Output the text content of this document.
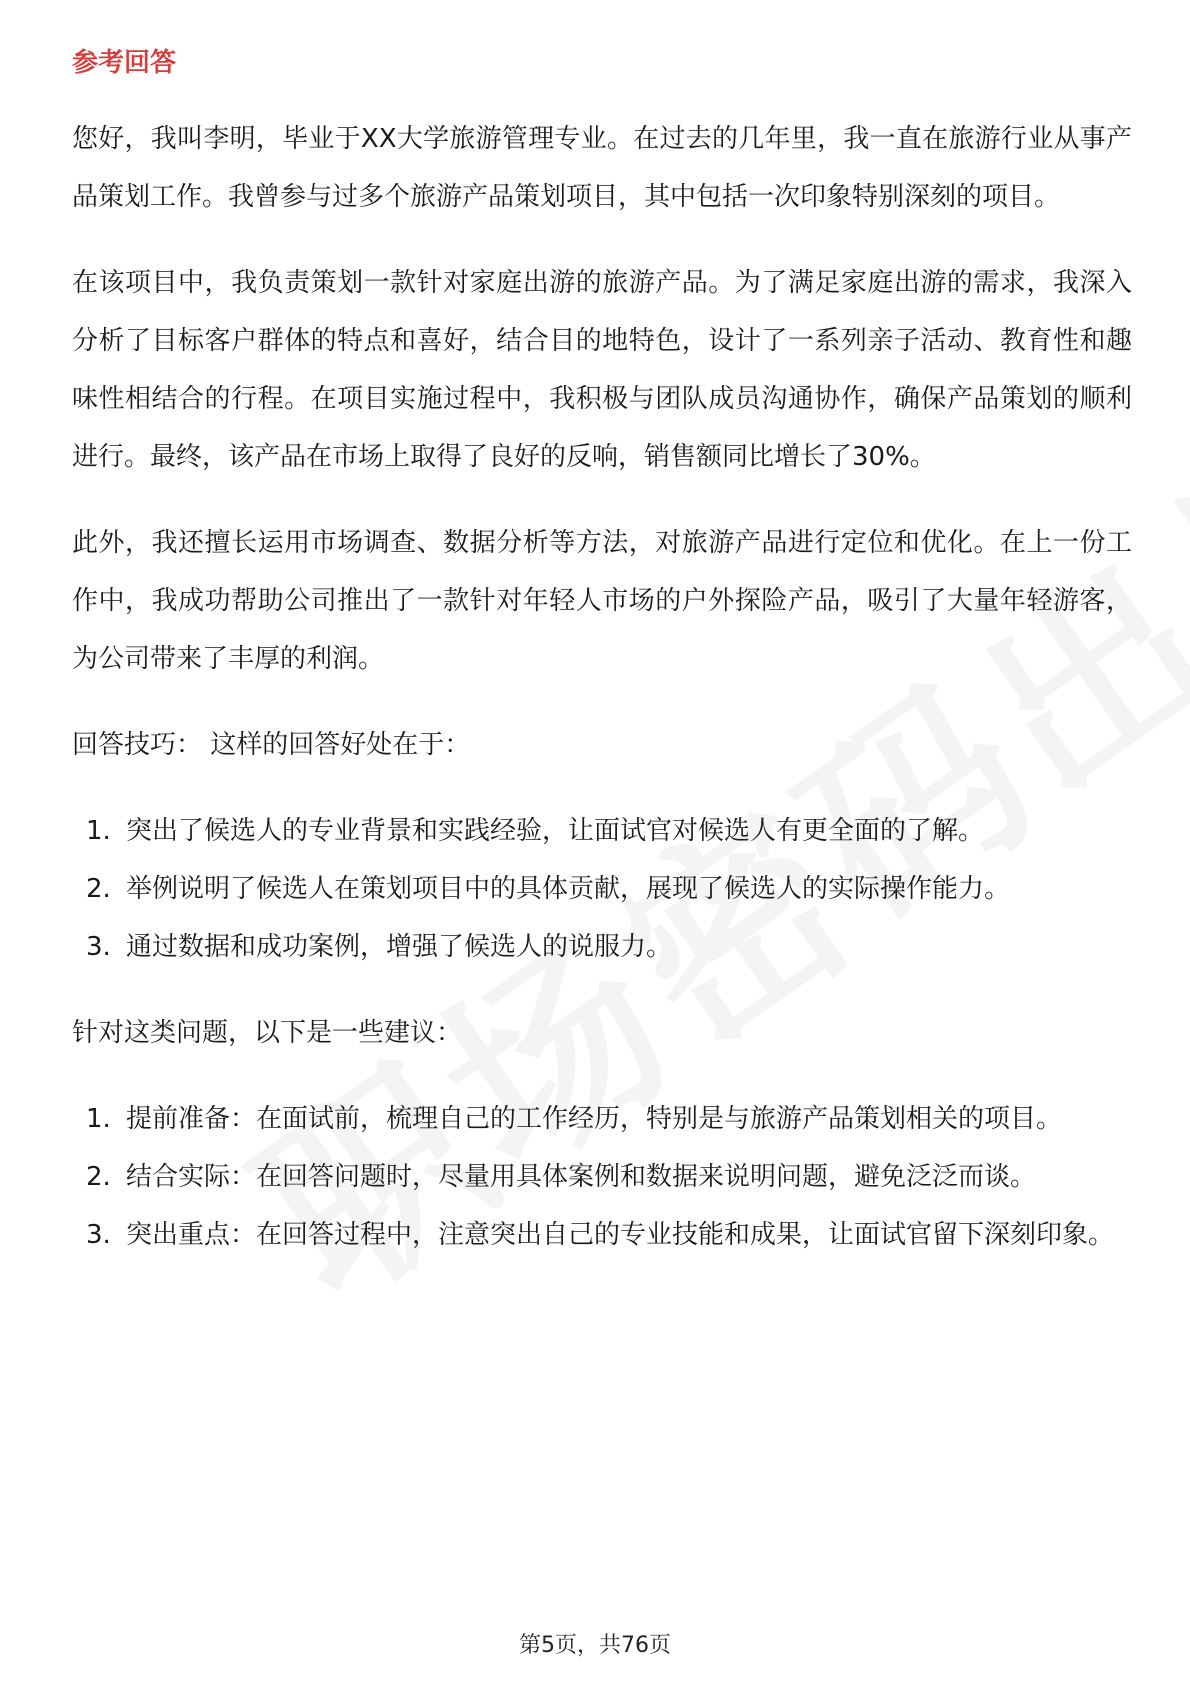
参考回答

您好，我叫李明，毕业于XX大学旅游管理专业。在过去的几年里，我一直在旅游行业从事产品策划工作。我曾参与过多个旅游产品策划项目，其中包括一次印象特别深刻的项目。

在该项目中，我负责策划一款针对家庭出游的旅游产品。为了满足家庭出游的需求，我深入分析了目标客户群体的特点和喜好，结合目的地特色，设计了一系列亲子活动、教育性和趣味性相结合的行程。在项目实施过程中，我积极与团队成员沟通协作，确保产品策划的顺利进行。最终，该产品在市场上取得了良好的反响，销售额同比增长了30%。

此外，我还擅长运用市场调查、数据分析等方法，对旅游产品进行定位和优化。在上一份工作中，我成功帮助公司推出了一款针对年轻人市场的户外探险产品，吸引了大量年轻游客，为公司带来了丰厚的利润。

回答技巧： 这样的回答好处在于：
1. 突出了候选人的专业背景和实践经验，让面试官对候选人有更全面的了解。
2. 举例说明了候选人在策划项目中的具体贡献，展现了候选人的实际操作能力。
3. 通过数据和成功案例，增强了候选人的说服力。
针对这类问题，以下是一些建议：
1. 提前准备：在面试前，梳理自己的工作经历，特别是与旅游产品策划相关的项目。
2. 结合实际：在回答问题时，尽量用具体案例和数据来说明问题，避免泛泛而谈。
3. 突出重点：在回答过程中，注意突出自己的专业技能和成果，让面试官留下深刻印象。
第5页，共76页
